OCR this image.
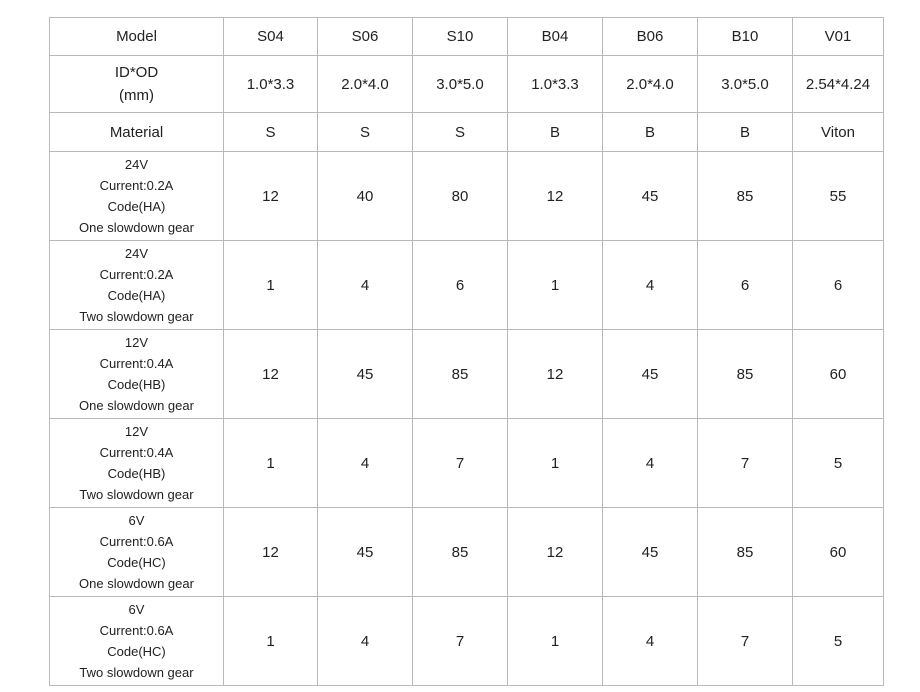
Model	S04	S06	S10	B04	B06	B10	V01

ID*OD
(mm)	1.0*3.3	2.0*4.0	3.0*5.0	1.0*3.3	2.0*4.0	3.0*5.0	2.54*4.24
Material	S	S	S	B	B	B	Viton

24V
Current:0.2A
Code(HA)
One slowdown gear	12	40	80	12	45	85	55

24V
Current:0.2A
Code(HA)
Two slowdown gear	1	4	6	1	4	6	6

12V
Current:0.4A
Code(HB)
One slowdown gear	12	45	85	12	45	85	60

12V
Current:0.4A
Code(HB)
Two slowdown gear	1	4	7	1	4	7	5

6V
Current:0.6A
Code(HC)
One slowdown gear	12	45	85	12	45	85	60

6V
Current:0.6A
Code(HC)
Two slowdown gear	1	4	7	1	4	7	5
